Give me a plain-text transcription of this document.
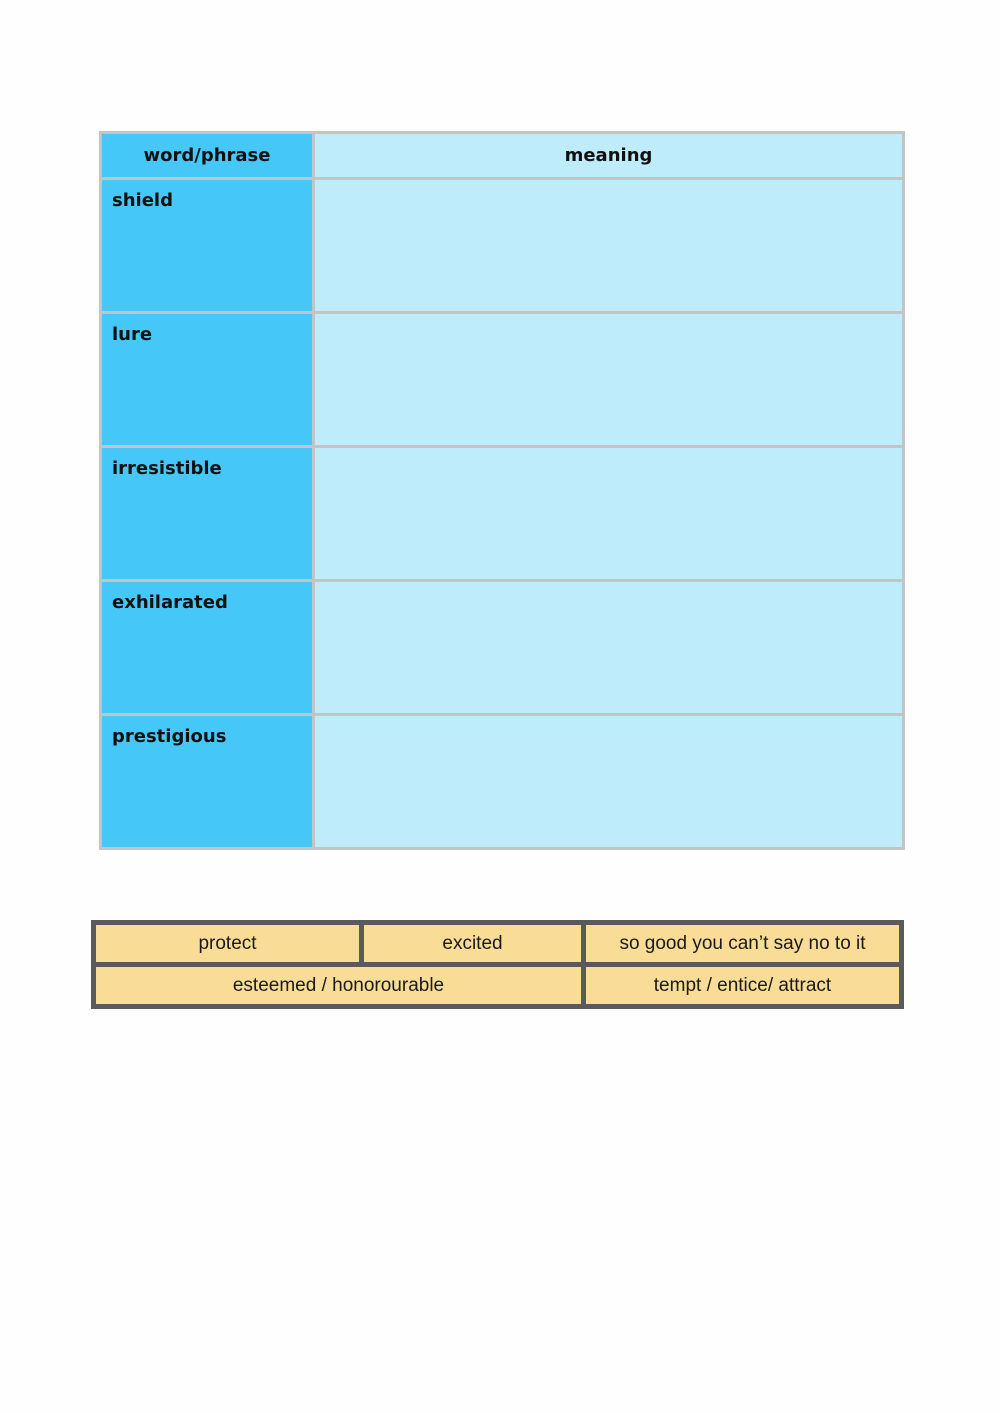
word/phrase	meaning

shield	

lure	

irresistible	

exhilarated	

prestigious	

protect	excited	so good you can’t say no to it
esteemed / honorourable		tempt / entice/ attract
